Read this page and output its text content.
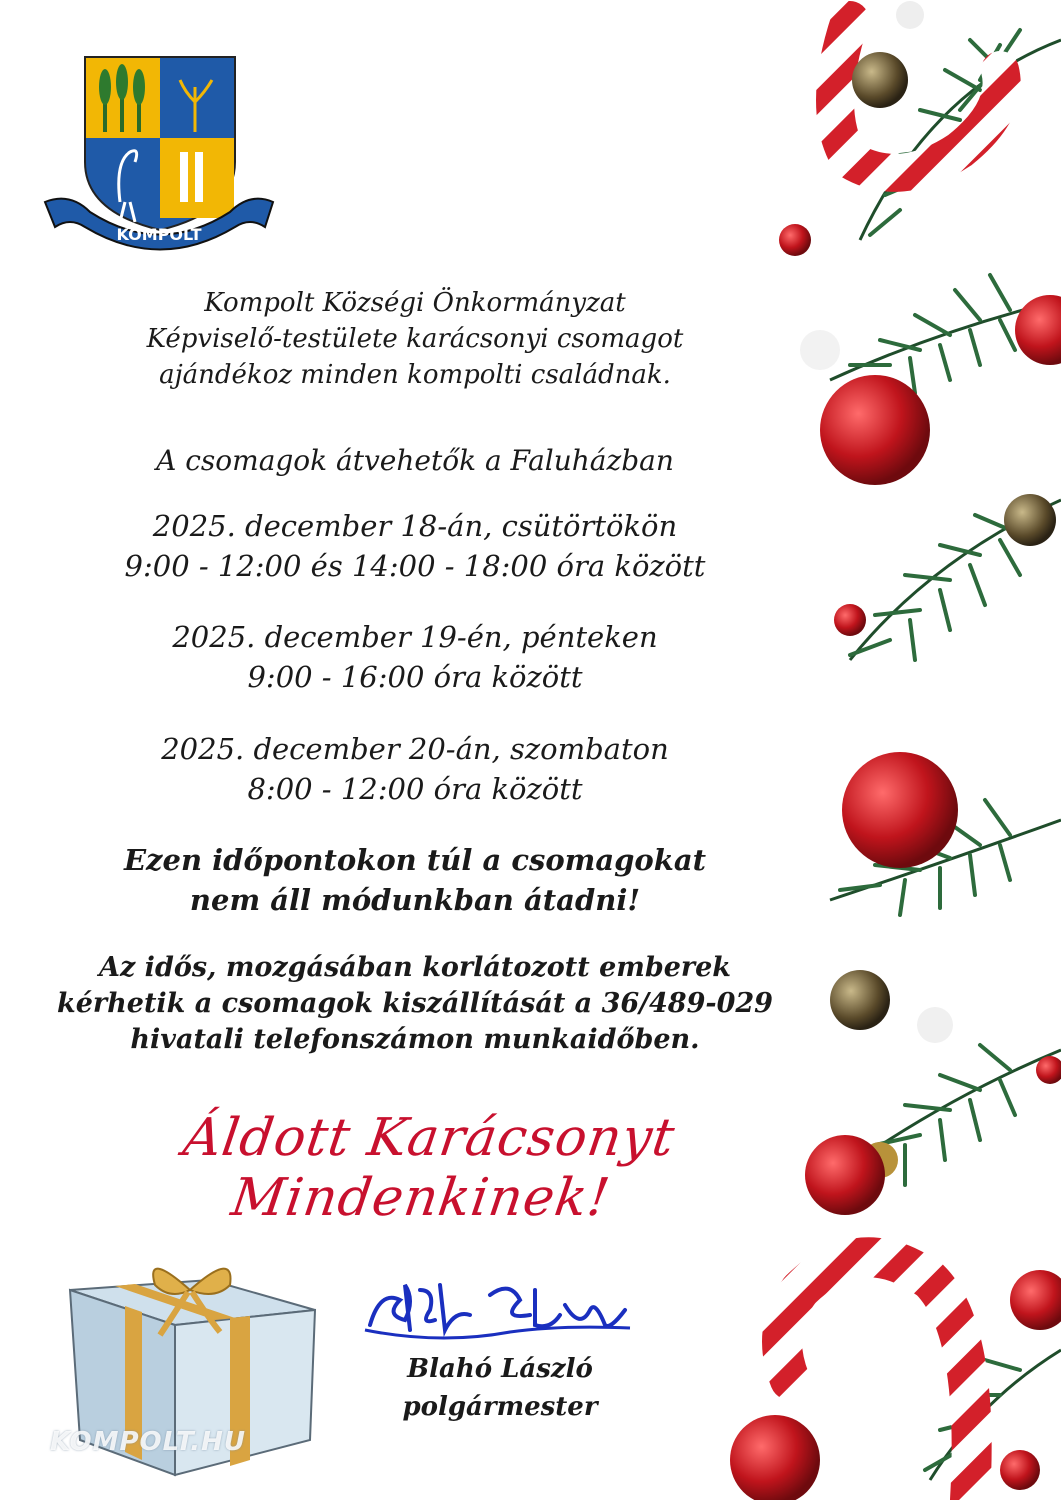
KOMPOLT
Kompolt Községi Önkormányzat
Képviselő-testülete karácsonyi csomagot
ajándékoz minden kompolti családnak.
A csomagok átvehetők a Faluházban
2025. december 18-án, csütörtökön
9:00 - 12:00 és 14:00 - 18:00 óra között
2025. december 19-én, pénteken
9:00 - 16:00 óra között
2025. december 20-án, szombaton
8:00 - 12:00 óra között
Ezen időpontokon túl a csomagokat
nem áll módunkban átadni!
Az idős, mozgásában korlátozott emberek
kérhetik a csomagok kiszállítását a 36/489-029
hivatali telefonszámon munkaidőben.
Áldott Karácsonyt Mindenkinek!
KOMPOLT.HU
Blahó László
polgármester
